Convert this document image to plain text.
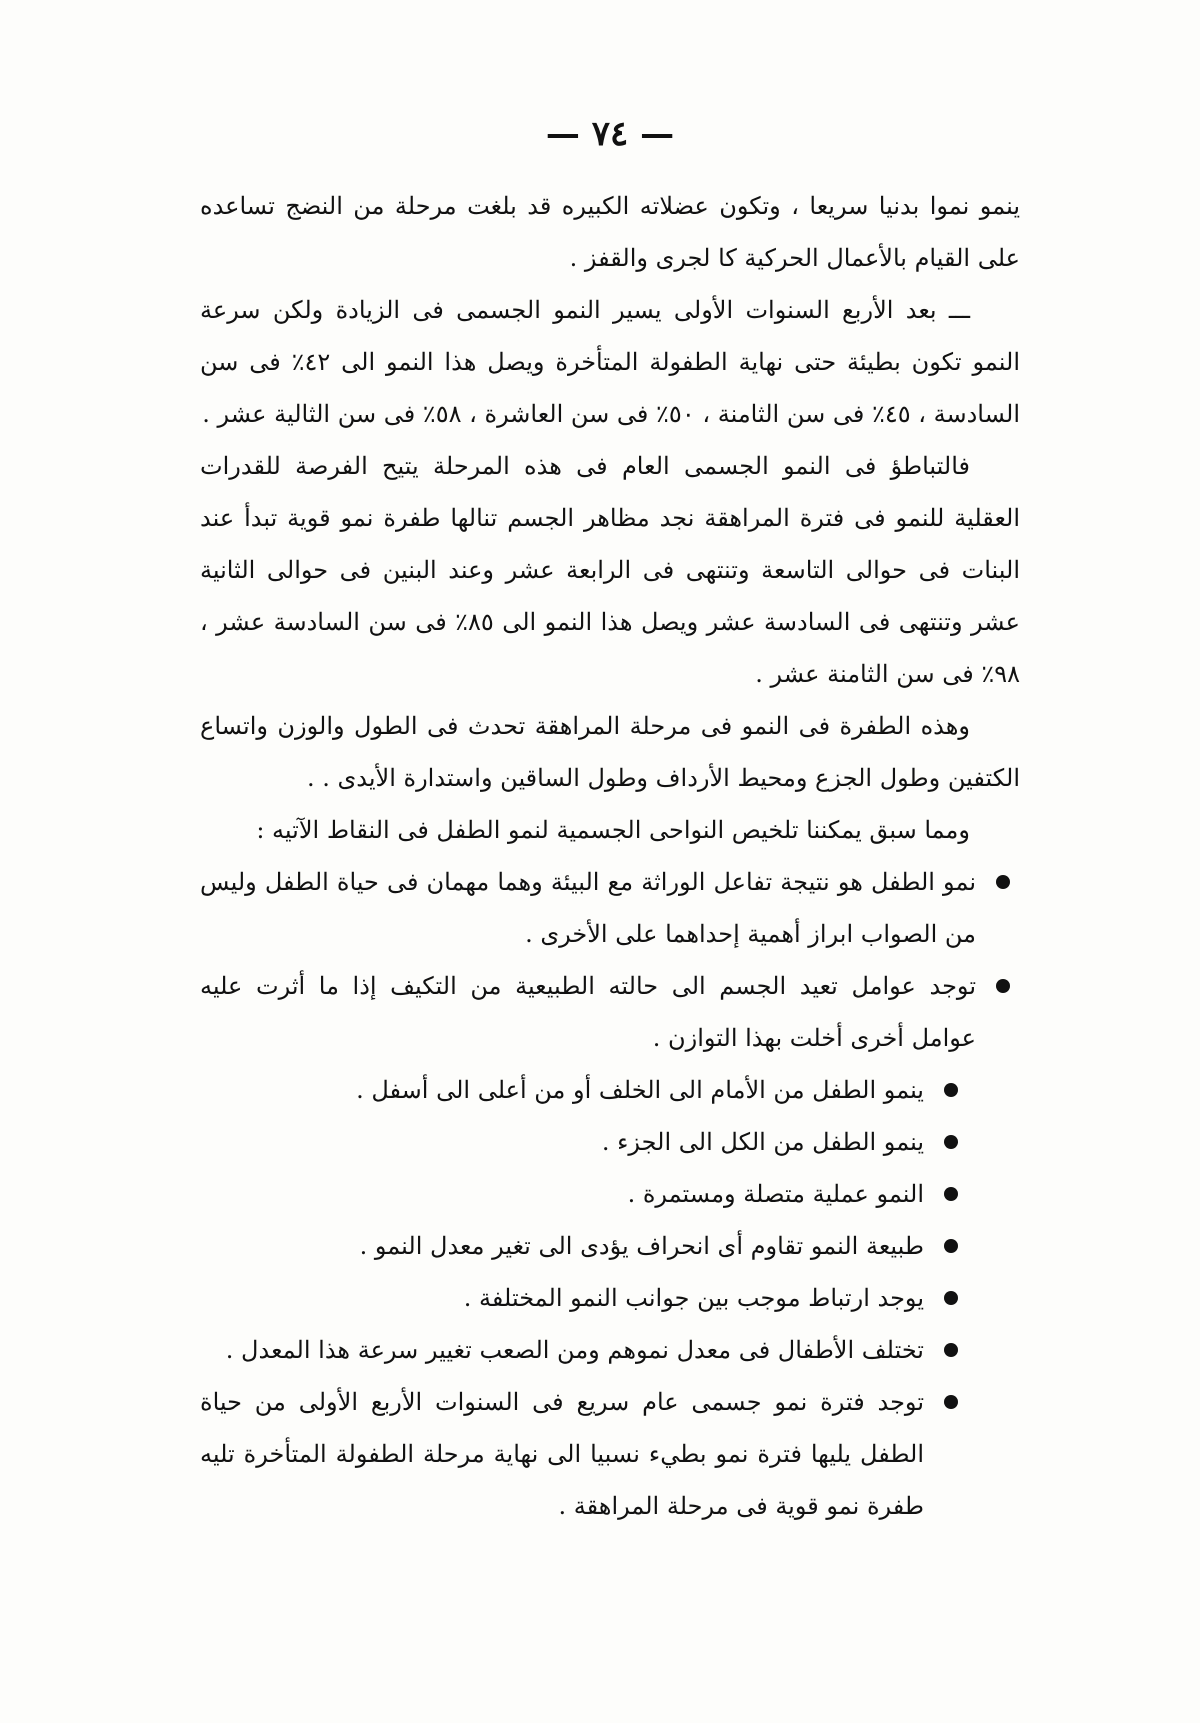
— ٧٤ —

ينمو نموا بدنيا سريعا ، وتكون عضلاته الكبيره قد بلغت مرحلة من النضج تساعده على القيام بالأعمال الحركية كا لجرى والقفز .

ـــ بعد الأربع السنوات الأولى يسير النمو الجسمى فى الزيادة ولكن سرعة النمو تكون بطيئة حتى نهاية الطفولة المتأخرة ويصل هذا النمو الى ٤٢٪ فى سن السادسة ، ٤٥٪ فى سن الثامنة ، ٥٠٪ فى سن العاشرة ، ٥٨٪ فى سن الثالية عشر .

فالتباطؤ فى النمو الجسمى العام فى هذه المرحلة يتيح الفرصة للقدرات العقلية للنمو فى فترة المراهقة نجد مظاهر الجسم تنالها طفرة نمو قوية تبدأ عند البنات فى حوالى التاسعة وتنتهى فى الرابعة عشر وعند البنين فى حوالى الثانية عشر وتنتهى فى السادسة عشر ويصل هذا النمو الى ٨٥٪ فى سن السادسة عشر ، ٩٨٪ فى سن الثامنة عشر .

وهذه الطفرة فى النمو فى مرحلة المراهقة تحدث فى الطول والوزن واتساع الكتفين وطول الجزع ومحيط الأرداف وطول الساقين واستدارة الأيدى . .

ومما سبق يمكننا تلخيص النواحى الجسمية لنمو الطفل فى النقاط الآتيه :

نمو الطفل هو نتيجة تفاعل الوراثة مع البيئة وهما مهمان فى حياة الطفل وليس من الصواب ابراز أهمية إحداهما على الأخرى .
توجد عوامل تعيد الجسم الى حالته الطبيعية من التكيف إذا ما أثرت عليه عوامل أخرى أخلت بهذا التوازن .
ينمو الطفل من الأمام الى الخلف أو من أعلى الى أسفل .
ينمو الطفل من الكل الى الجزء .
النمو عملية متصلة ومستمرة .
طبيعة النمو تقاوم أى انحراف يؤدى الى تغير معدل النمو .
يوجد ارتباط موجب بين جوانب النمو المختلفة .
تختلف الأطفال فى معدل نموهم ومن الصعب تغيير سرعة هذا المعدل .
توجد فترة نمو جسمى عام سريع فى السنوات الأربع الأولى من حياة الطفل يليها فترة نمو بطيء نسبيا الى نهاية مرحلة الطفولة المتأخرة تليه طفرة نمو قوية فى مرحلة المراهقة .
